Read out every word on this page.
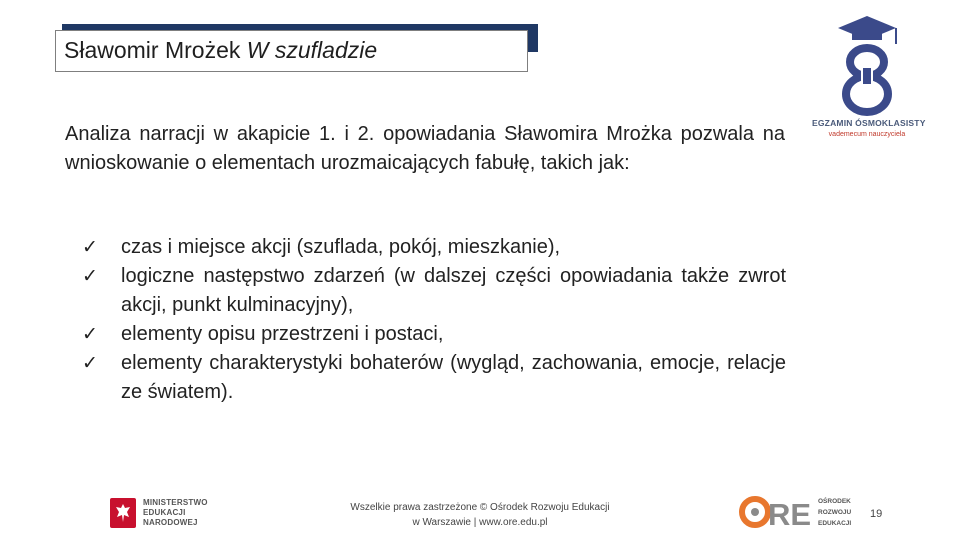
Sławomir Mrożek W szufladzie
EGZAMIN ÓSMOKLASISTY
vademecum nauczyciela

Analiza narracji w akapicie 1. i 2. opowiadania Sławomira Mrożka pozwala na wnioskowanie o elementach urozmaicających fabułę, takich jak:

✓ czas i miejsce akcji (szuflada, pokój, mieszkanie),
✓ logiczne następstwo zdarzeń (w dalszej części opowiadania także zwrot akcji, punkt kulminacyjny),
✓ elementy opisu przestrzeni i postaci,
✓ elementy charakterystyki bohaterów (wygląd, zachowania, emocje, relacje ze światem).
MINISTERSTWO
EDUKACJI
NARODOWEJ
Wszelkie prawa zastrzeżone © Ośrodek Rozwoju Edukacji
w Warszawie | www.ore.edu.pl	RE OŚRODEK
ROZWOJU
EDUKACJI
19
